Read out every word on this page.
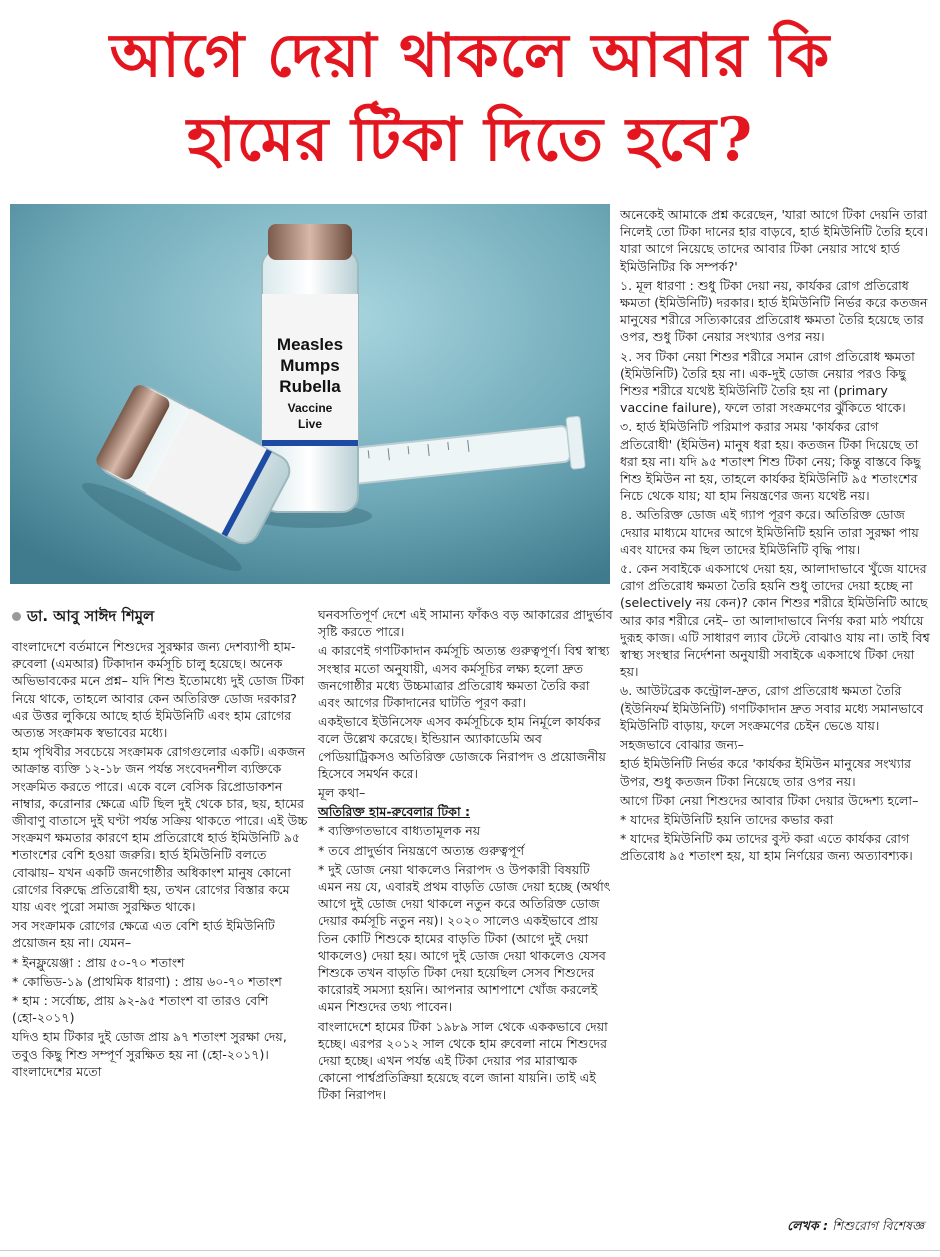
আগে দেয়া থাকলে আবার কি
হামের টিকা দিতে হবে?
Measles
Mumps
Rubella
Vaccine
Live
ডা. আবু সাঈদ শিমুল

বাংলাদেশে বর্তমানে শিশুদের সুরক্ষার জন্য দেশব্যাপী হাম-রুবেলা (এমআর) টিকাদান কর্মসূচি চালু হয়েছে। অনেক অভিভাবকের মনে প্রশ্ন– যদি শিশু ইতোমধ্যে দুই ডোজ টিকা নিয়ে থাকে, তাহলে আবার কেন অতিরিক্ত ডোজ দরকার? এর উত্তর লুকিয়ে আছে হার্ড ইমিউনিটি এবং হাম রোগের অত্যন্ত সংক্রামক স্বভাবের মধ্যে।

হাম পৃথিবীর সবচেয়ে সংক্রামক রোগগুলোর একটি। একজন আক্রান্ত ব্যক্তি ১২-১৮ জন পর্যন্ত সংবেদনশীল ব্যক্তিকে সংক্রমিত করতে পারে। একে বলে বেসিক রিপ্রোডাকশন নাম্বার, করোনার ক্ষেত্রে এটি ছিল দুই থেকে চার, ছয়, হামের জীবাণু বাতাসে দুই ঘণ্টা পর্যন্ত সক্রিয় থাকতে পারে। এই উচ্চ সংক্রমণ ক্ষমতার কারণে হাম প্রতিরোধে হার্ড ইমিউনিটি ৯৫ শতাংশের বেশি হওয়া জরুরি। হার্ড ইমিউনিটি বলতে বোঝায়– যখন একটি জনগোষ্ঠীর অধিকাংশ মানুষ কোনো রোগের বিরুদ্ধে প্রতিরোধী হয়, তখন রোগের বিস্তার কমে যায় এবং পুরো সমাজ সুরক্ষিত থাকে।

সব সংক্রামক রোগের ক্ষেত্রে এত বেশি হার্ড ইমিউনিটি প্রয়োজন হয় না। যেমন–

* ইনফ্লুয়েঞ্জা : প্রায় ৫০-৭০ শতাংশ

* কোভিড-১৯ (প্রাথমিক ধারণা) : প্রায় ৬০-৭০ শতাংশ

* হাম : সর্বোচ্চ, প্রায় ৯২-৯৫ শতাংশ বা তারও বেশি (হো-২০১৭)

যদিও হাম টিকার দুই ডোজ প্রায় ৯৭ শতাংশ সুরক্ষা দেয়, তবুও কিছু শিশু সম্পূর্ণ সুরক্ষিত হয় না (হো-২০১৭)। বাংলাদেশের মতো

ঘনবসতিপূর্ণ দেশে এই সামান্য ফাঁকও বড় আকারের প্রাদুর্ভাব সৃষ্টি করতে পারে।

এ কারণেই গণটিকাদান কর্মসূচি অত্যন্ত গুরুত্বপূর্ণ। বিশ্ব স্বাস্থ্য সংস্থার মতো অনুযায়ী, এসব কর্মসূচির লক্ষ্য হলো দ্রুত জনগোষ্ঠীর মধ্যে উচ্চমাত্রার প্রতিরোধ ক্ষমতা তৈরি করা এবং আগের টিকাদানের ঘাটতি পূরণ করা।

একইভাবে ইউনিসেফ এসব কর্মসূচিকে হাম নির্মূলে কার্যকর বলে উল্লেখ করেছে। ইন্ডিয়ান অ্যাকাডেমি অব পেডিয়াট্রিকসও অতিরিক্ত ডোজকে নিরাপদ ও প্রয়োজনীয় হিসেবে সমর্থন করে।

মূল কথা–

অতিরিক্ত হাম-রুবেলার টিকা :

* ব্যক্তিগতভাবে বাধ্যতামূলক নয়

* তবে প্রাদুর্ভাব নিয়ন্ত্রণে অত্যন্ত গুরুত্বপূর্ণ

* দুই ডোজ নেয়া থাকলেও নিরাপদ ও উপকারী বিষয়টি এমন নয় যে, এবারই প্রথম বাড়তি ডোজ দেয়া হচ্ছে (অর্থাৎ আগে দুই ডোজ দেয়া থাকলে নতুন করে অতিরিক্ত ডোজ দেয়ার কর্মসূচি নতুন নয়)। ২০২০ সালেও একইভাবে প্রায় তিন কোটি শিশুকে হামের বাড়তি টিকা (আগে দুই দেয়া থাকলেও) দেয়া হয়। আগে দুই ডোজ দেয়া থাকলেও যেসব শিশুকে তখন বাড়তি টিকা দেয়া হয়েছিল সেসব শিশুদের কারোরই সমস্যা হয়নি। আপনার আশপাশে খোঁজ করলেই এমন শিশুদের তথ্য পাবেন।

বাংলাদেশে হামের টিকা ১৯৮৯ সাল থেকে এককভাবে দেয়া হচ্ছে। এরপর ২০১২ সাল থেকে হাম রুবেলা নামে শিশুদের দেয়া হচ্ছে। এখন পর্যন্ত এই টিকা দেয়ার পর মারাত্মক কোনো পার্শ্বপ্রতিক্রিয়া হয়েছে বলে জানা যায়নি। তাই এই টিকা নিরাপদ।

অনেকেই আমাকে প্রশ্ন করেছেন, 'যারা আগে টিকা দেয়নি তারা নিলেই তো টিকা দানের হার বাড়বে, হার্ড ইমিউনিটি তৈরি হবে। যারা আগে নিয়েছে তাদের আবার টিকা নেয়ার সাথে হার্ড ইমিউনিটির কি সম্পর্ক?'

১. মূল ধারণা : শুধু টিকা দেয়া নয়, কার্যকর রোগ প্রতিরোধ ক্ষমতা (ইমিউনিটি) দরকার। হার্ড ইমিউনিটি নির্ভর করে কতজন মানুষের শরীরে সত্যিকারের প্রতিরোধ ক্ষমতা তৈরি হয়েছে তার ওপর, শুধু টিকা নেয়ার সংখ্যার ওপর নয়।

২. সব টিকা নেয়া শিশুর শরীরে সমান রোগ প্রতিরোধ ক্ষমতা (ইমিউনিটি) তৈরি হয় না। এক-দুই ডোজ নেয়ার পরও কিছু শিশুর শরীরে যথেষ্ট ইমিউনিটি তৈরি হয় না (primary vaccine failure), ফলে তারা সংক্রমণের ঝুঁকিতে থাকে।

৩. হার্ড ইমিউনিটি পরিমাপ করার সময় 'কার্যকর রোগ প্রতিরোধী' (ইমিউন) মানুষ ধরা হয়। কতজন টিকা দিয়েছে তা ধরা হয় না। যদি ৯৫ শতাংশ শিশু টিকা নেয়; কিন্তু বাস্তবে কিছু শিশু ইমিউন না হয়, তাহলে কার্যকর ইমিউনিটি ৯৫ শতাংশের নিচে থেকে যায়; যা হাম নিয়ন্ত্রণের জন্য যথেষ্ট নয়।

৪. অতিরিক্ত ডোজ এই গ্যাপ পূরণ করে। অতিরিক্ত ডোজ দেয়ার মাধ্যমে যাদের আগে ইমিউনিটি হয়নি তারা সুরক্ষা পায় এবং যাদের কম ছিল তাদের ইমিউনিটি বৃদ্ধি পায়।

৫. কেন সবাইকে একসাথে দেয়া হয়, আলাদাভাবে খুঁজে যাদের রোগ প্রতিরোধ ক্ষমতা তৈরি হয়নি শুধু তাদের দেয়া হচ্ছে না (selectively নয় কেন)? কোন শিশুর শরীরে ইমিউনিটি আছে আর কার শরীরে নেই– তা আলাদাভাবে নির্ণয় করা মাঠ পর্যায়ে দুরূহ কাজ। এটি সাধারণ ল্যাব টেস্টে বোঝাও যায় না। তাই বিশ্ব স্বাস্থ্য সংস্থার নির্দেশনা অনুযায়ী সবাইকে একসাথে টিকা দেয়া হয়।

৬. আউটব্রেক কন্ট্রোল-দ্রুত, রোগ প্রতিরোধ ক্ষমতা তৈরি (ইউনিফর্ম ইমিউনিটি) গণটিকাদান দ্রুত সবার মধ্যে সমানভাবে ইমিউনিটি বাড়ায়, ফলে সংক্রমণের চেইন ভেঙে যায়।

সহজভাবে বোঝার জন্য–

হার্ড ইমিউনিটি নির্ভর করে 'কার্যকর ইমিউন মানুষের সংখ্যার উপর, শুধু কতজন টিকা নিয়েছে তার ওপর নয়।

আগে টিকা নেয়া শিশুদের আবার টিকা দেয়ার উদ্দেশ্য হলো–

* যাদের ইমিউনিটি হয়নি তাদের কভার করা

* যাদের ইমিউনিটি কম তাদের বুস্ট করা এতে কার্যকর রোগ প্রতিরোধ ৯৫ শতাংশ হয়, যা হাম নির্ণয়ের জন্য অত্যাবশ্যক।

লেখক : শিশুরোগ বিশেষজ্ঞ
